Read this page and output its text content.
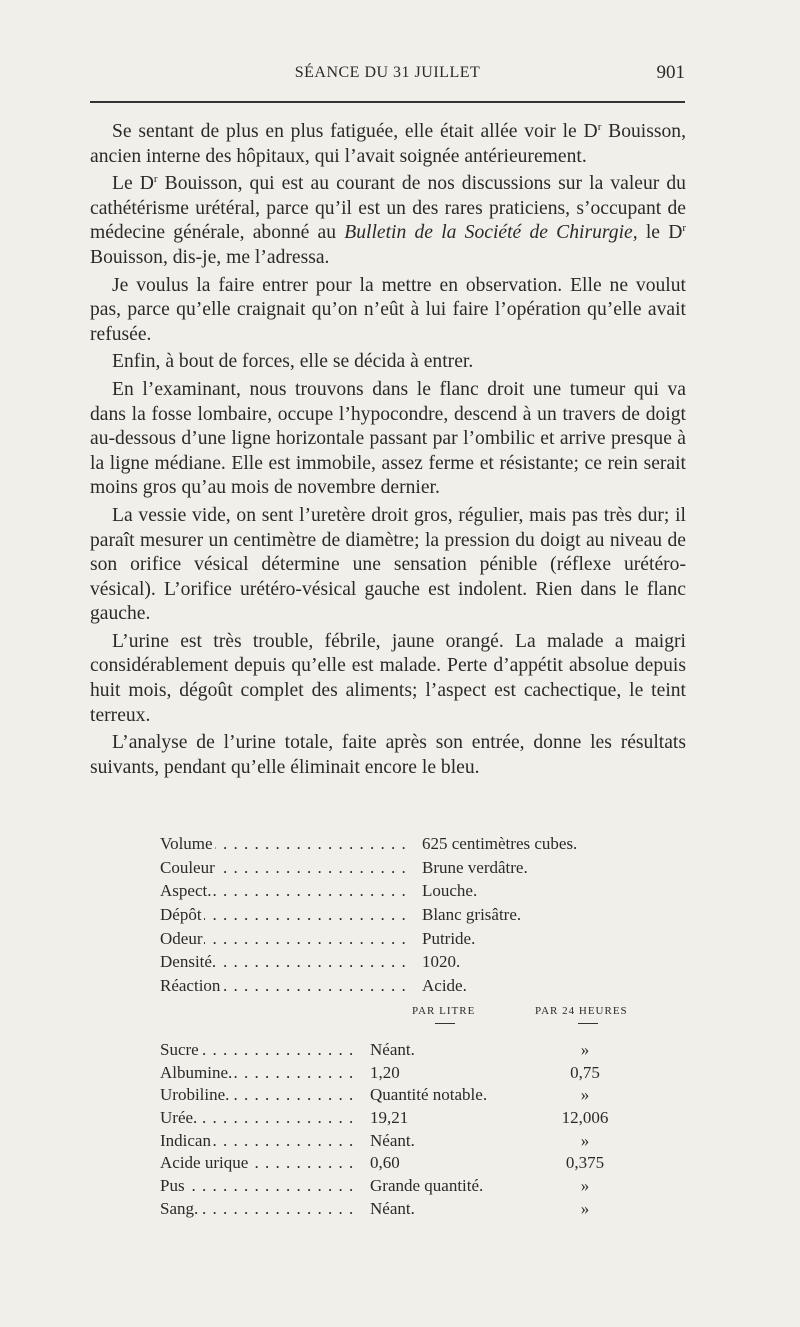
SÉANCE DU 31 JUILLET	901

Se sentant de plus en plus fatiguée, elle était allée voir le $D^r$ Bouisson, ancien interne des hôpitaux, qui l’avait soignée antérieurement.

Le $D^r$ Bouisson, qui est au courant de nos discussions sur la valeur du cathétérisme urétéral, parce qu’il est un des rares praticiens, s’occupant de médecine générale, abonné au Bulletin de la Société de Chirurgie, le $D^r$ Bouisson, dis-je, me l’adressa.

Je voulus la faire entrer pour la mettre en observation. Elle ne voulut pas, parce qu’elle craignait qu’on n’eût à lui faire l’opération qu’elle avait refusée.

Enfin, à bout de forces, elle se décida à entrer.

En l’examinant, nous trouvons dans le flanc droit une tumeur qui va dans la fosse lombaire, occupe l’hypocondre, descend à un travers de doigt au-dessous d’une ligne horizontale passant par l’ombilic et arrive presque à la ligne médiane. Elle est immobile, assez ferme et résistante; ce rein serait moins gros qu’au mois de novembre dernier.

La vessie vide, on sent l’uretère droit gros, régulier, mais pas très dur; il paraît mesurer un centimètre de diamètre; la pression du doigt au niveau de son orifice vésical détermine une sensation pénible (réflexe urétéro-vésical). L’orifice urétéro-vésical gauche est indolent. Rien dans le flanc gauche.

L’urine est très trouble, fébrile, jaune orangé. La malade a maigri considérablement depuis qu’elle est malade. Perte d’appétit absolue depuis huit mois, dégoût complet des aliments; l’aspect est cachectique, le teint terreux.

L’analyse de l’urine totale, faite après son entrée, donne les résultats suivants, pendant qu’elle éliminait encore le bleu.

Volume . . .	625 centimètres cubes.
Couleur . . .	Brune verdâtre.
Aspect. . . .	Louche.
Dépôt . . .	Blanc grisâtre.
Odeur . . .	Putride.
Densité. . . .	1020.
Réaction . . .	Acide.
PAR LITRE	PAR 24 HEURES
Sucre . . .	Néant.	»
Albumine. . . .	1,20	0,75
Urobiline. . . .	Quantité notable.	»
Urée. . . .	19,21	12,006
Indican . . .	Néant.	»
Acide urique . . .	0,60	0,375
Pus . . .	Grande quantité.	»
Sang. . . .	Néant.	»
